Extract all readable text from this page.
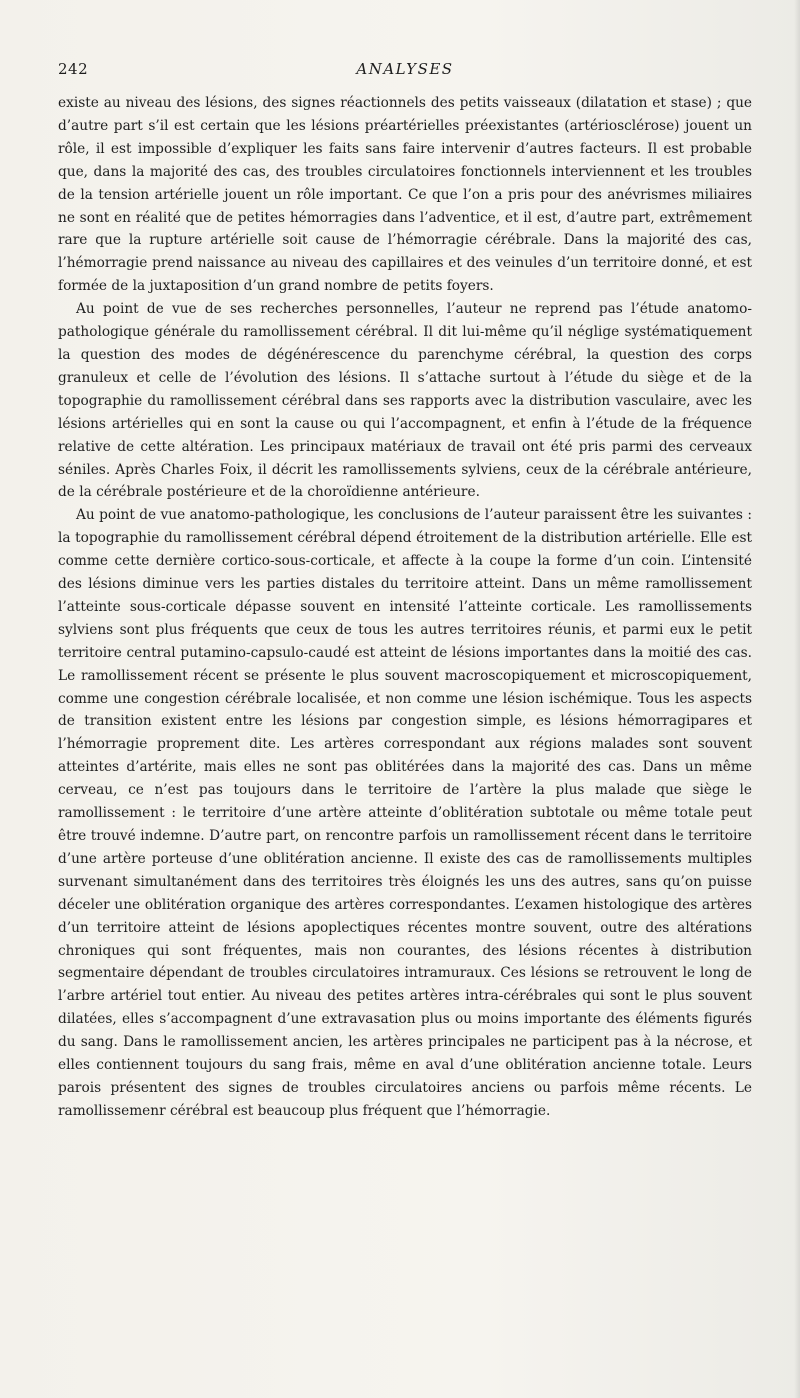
242	ANALYSES

existe au niveau des lésions, des signes réactionnels des petits vaisseaux (dilatation et stase) ; que d’autre part s’il est certain que les lésions préartérielles préexistantes (artériosclérose) jouent un rôle, il est impossible d’expliquer les faits sans faire intervenir d’autres facteurs. Il est probable que, dans la majorité des cas, des troubles circulatoires fonctionnels interviennent et les troubles de la tension artérielle jouent un rôle important. Ce que l’on a pris pour des anévrismes miliaires ne sont en réalité que de petites hémorragies dans l’adventice, et il est, d’autre part, extrêmement rare que la rupture artérielle soit cause de l’hémorragie cérébrale. Dans la majorité des cas, l’hémorragie prend naissance au niveau des capillaires et des veinules d’un territoire donné, et est formée de la juxtaposition d’un grand nombre de petits foyers.

Au point de vue de ses recherches personnelles, l’auteur ne reprend pas l’étude anatomo-pathologique générale du ramollissement cérébral. Il dit lui-même qu’il néglige systématiquement la question des modes de dégénérescence du parenchyme cérébral, la question des corps granuleux et celle de l’évolution des lésions. Il s’attache surtout à l’étude du siège et de la topographie du ramollissement cérébral dans ses rapports avec la distribution vasculaire, avec les lésions artérielles qui en sont la cause ou qui l’accompagnent, et enfin à l’étude de la fréquence relative de cette altération. Les principaux matériaux de travail ont été pris parmi des cerveaux séniles. Après Charles Foix, il décrit les ramollissements sylviens, ceux de la cérébrale antérieure, de la cérébrale postérieure et de la choroïdienne antérieure.

Au point de vue anatomo-pathologique, les conclusions de l’auteur paraissent être les suivantes : la topographie du ramollissement cérébral dépend étroitement de la distribution artérielle. Elle est comme cette dernière cortico-sous-corticale, et affecte à la coupe la forme d’un coin. L’intensité des lésions diminue vers les parties distales du territoire atteint. Dans un même ramollissement l’atteinte sous-corticale dépasse souvent en intensité l’atteinte corticale. Les ramollissements sylviens sont plus fréquents que ceux de tous les autres territoires réunis, et parmi eux le petit territoire central putamino-capsulo-caudé est atteint de lésions importantes dans la moitié des cas. Le ramollissement récent se présente le plus souvent macroscopiquement et microscopiquement, comme une congestion cérébrale localisée, et non comme une lésion ischémique. Tous les aspects de transition existent entre les lésions par congestion simple, es lésions hémorragipares et l’hémorragie proprement dite. Les artères correspondant aux régions malades sont souvent atteintes d’artérite, mais elles ne sont pas oblitérées dans la majorité des cas. Dans un même cerveau, ce n’est pas toujours dans le territoire de l’artère la plus malade que siège le ramollissement : le territoire d’une artère atteinte d’oblitération subtotale ou même totale peut être trouvé indemne. D’autre part, on rencontre parfois un ramollissement récent dans le territoire d’une artère porteuse d’une oblitération ancienne. Il existe des cas de ramollissements multiples survenant simultanément dans des territoires très éloignés les uns des autres, sans qu’on puisse déceler une oblitération organique des artères correspondantes. L’examen histologique des artères d’un territoire atteint de lésions apoplectiques récentes montre souvent, outre des altérations chroniques qui sont fréquentes, mais non courantes, des lésions récentes à distribution segmentaire dépendant de troubles circulatoires intramuraux. Ces lésions se retrouvent le long de l’arbre artériel tout entier. Au niveau des petites artères intra-cérébrales qui sont le plus souvent dilatées, elles s’accompagnent d’une extravasation plus ou moins importante des éléments figurés du sang. Dans le ramollissement ancien, les artères principales ne participent pas à la nécrose, et elles contiennent toujours du sang frais, même en aval d’une oblitération ancienne totale. Leurs parois présentent des signes de troubles circulatoires anciens ou parfois même récents. Le ramollissemenr cérébral est beaucoup plus fréquent que l’hémorragie.
